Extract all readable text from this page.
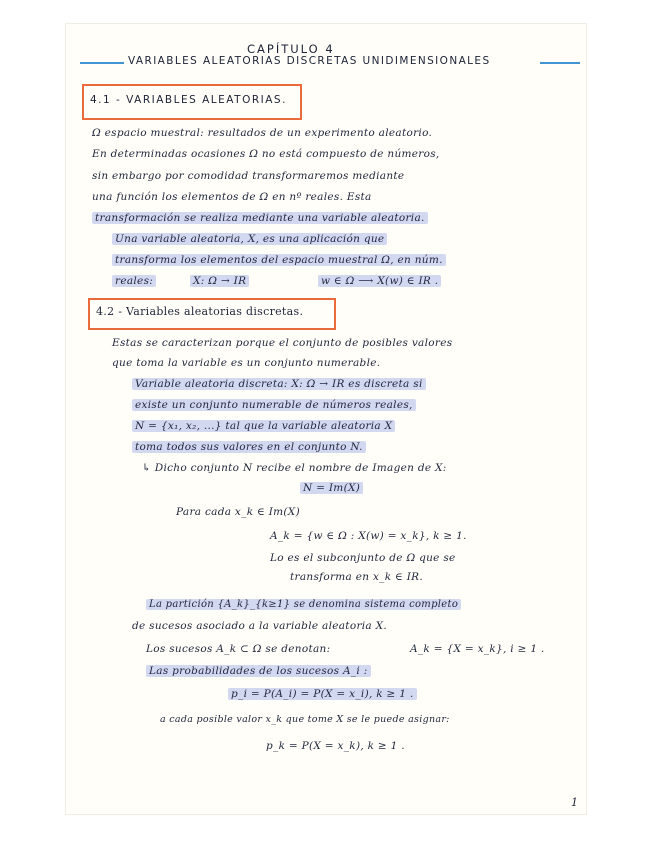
CAPÍTULO 4
VARIABLES ALEATORIAS DISCRETAS UNIDIMENSIONALES
4.1 - VARIABLES ALEATORIAS.
Ω espacio muestral: resultados de un experimento aleatorio.
En determinadas ocasiones Ω no está compuesto de números,
sin embargo por comodidad transformaremos mediante
una función los elementos de Ω en nº reales. Esta
transformación se realiza mediante una variable aleatoria.
Una variable aleatoria, X, es una aplicación que
transforma los elementos del espacio muestral Ω, en núm.
reales:	X: Ω → IR	w ∈ Ω ⟶ X(w) ∈ IR .
4.2 - Variables aleatorias discretas.
Estas se caracterizan porque el conjunto de posibles valores
que toma la variable es un conjunto numerable.
Variable aleatoria discreta: X: Ω → IR es discreta si
existe un conjunto numerable de números reales,
N = {x₁, x₂, ...} tal que la variable aleatoria X
toma todos sus valores en el conjunto N.
↳ Dicho conjunto N recibe el nombre de Imagen de X:
N = Im(X)
Para cada x_k ∈ Im(X)
A_k = {w ∈ Ω : X(w) = x_k}, k ≥ 1.
Lo es el subconjunto de Ω que se
transforma en x_k ∈ IR.
La partición {A_k}_{k≥1} se denomina sistema completo
de sucesos asociado a la variable aleatoria X.
Los sucesos A_k ⊂ Ω se denotan:	A_k = {X = x_k}, i ≥ 1 .
Las probabilidades de los sucesos A_i :
p_i = P(A_i) = P(X = x_i), k ≥ 1 .
a cada posible valor x_k que tome X se le puede asignar:
p_k = P(X = x_k), k ≥ 1 .
1
